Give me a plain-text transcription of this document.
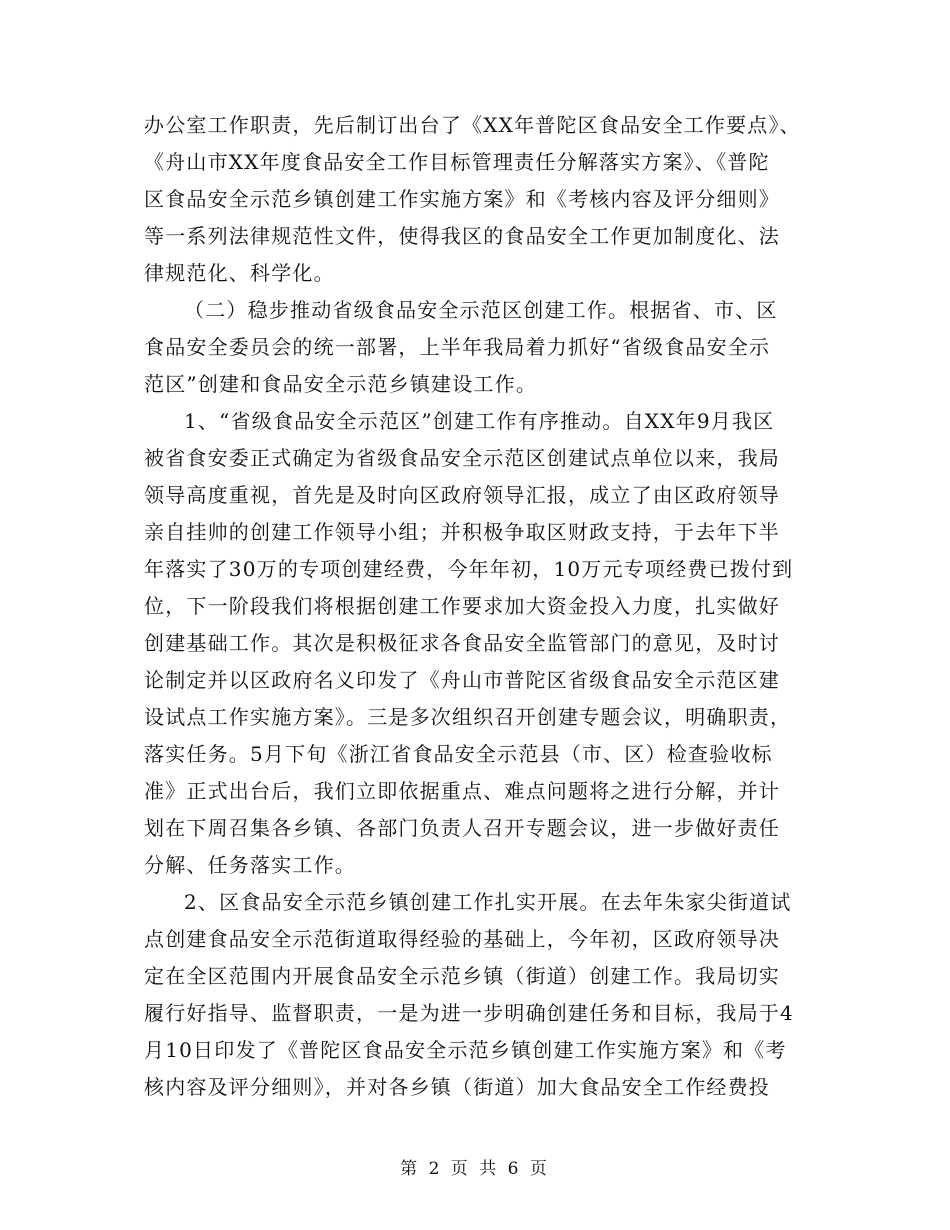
办公室工作职责，先后制订出台了《XX年普陀区食品安全工作要点》、
《舟山市XX年度食品安全工作目标管理责任分解落实方案》、《普陀
区食品安全示范乡镇创建工作实施方案》和《考核内容及评分细则》
等一系列法律规范性文件，使得我区的食品安全工作更加制度化、法
律规范化、科学化。
（二）稳步推动省级食品安全示范区创建工作。根据省、市、区
食品安全委员会的统一部署，上半年我局着力抓好“省级食品安全示
范区”创建和食品安全示范乡镇建设工作。
1、“省级食品安全示范区”创建工作有序推动。自XX年9月我区
被省食安委正式确定为省级食品安全示范区创建试点单位以来，我局
领导高度重视，首先是及时向区政府领导汇报，成立了由区政府领导
亲自挂帅的创建工作领导小组；并积极争取区财政支持，于去年下半
年落实了30万的专项创建经费，今年年初，10万元专项经费已拨付到
位，下一阶段我们将根据创建工作要求加大资金投入力度，扎实做好
创建基础工作。其次是积极征求各食品安全监管部门的意见，及时讨
论制定并以区政府名义印发了《舟山市普陀区省级食品安全示范区建
设试点工作实施方案》。三是多次组织召开创建专题会议，明确职责，
落实任务。5月下旬《浙江省食品安全示范县（市、区）检查验收标
准》正式出台后，我们立即依据重点、难点问题将之进行分解，并计
划在下周召集各乡镇、各部门负责人召开专题会议，进一步做好责任
分解、任务落实工作。
2、区食品安全示范乡镇创建工作扎实开展。在去年朱家尖街道试
点创建食品安全示范街道取得经验的基础上，今年初，区政府领导决
定在全区范围内开展食品安全示范乡镇（街道）创建工作。我局切实
履行好指导、监督职责，一是为进一步明确创建任务和目标，我局于4
月10日印发了《普陀区食品安全示范乡镇创建工作实施方案》和《考
核内容及评分细则》，并对各乡镇（街道）加大食品安全工作经费投
第 2 页 共 6 页
